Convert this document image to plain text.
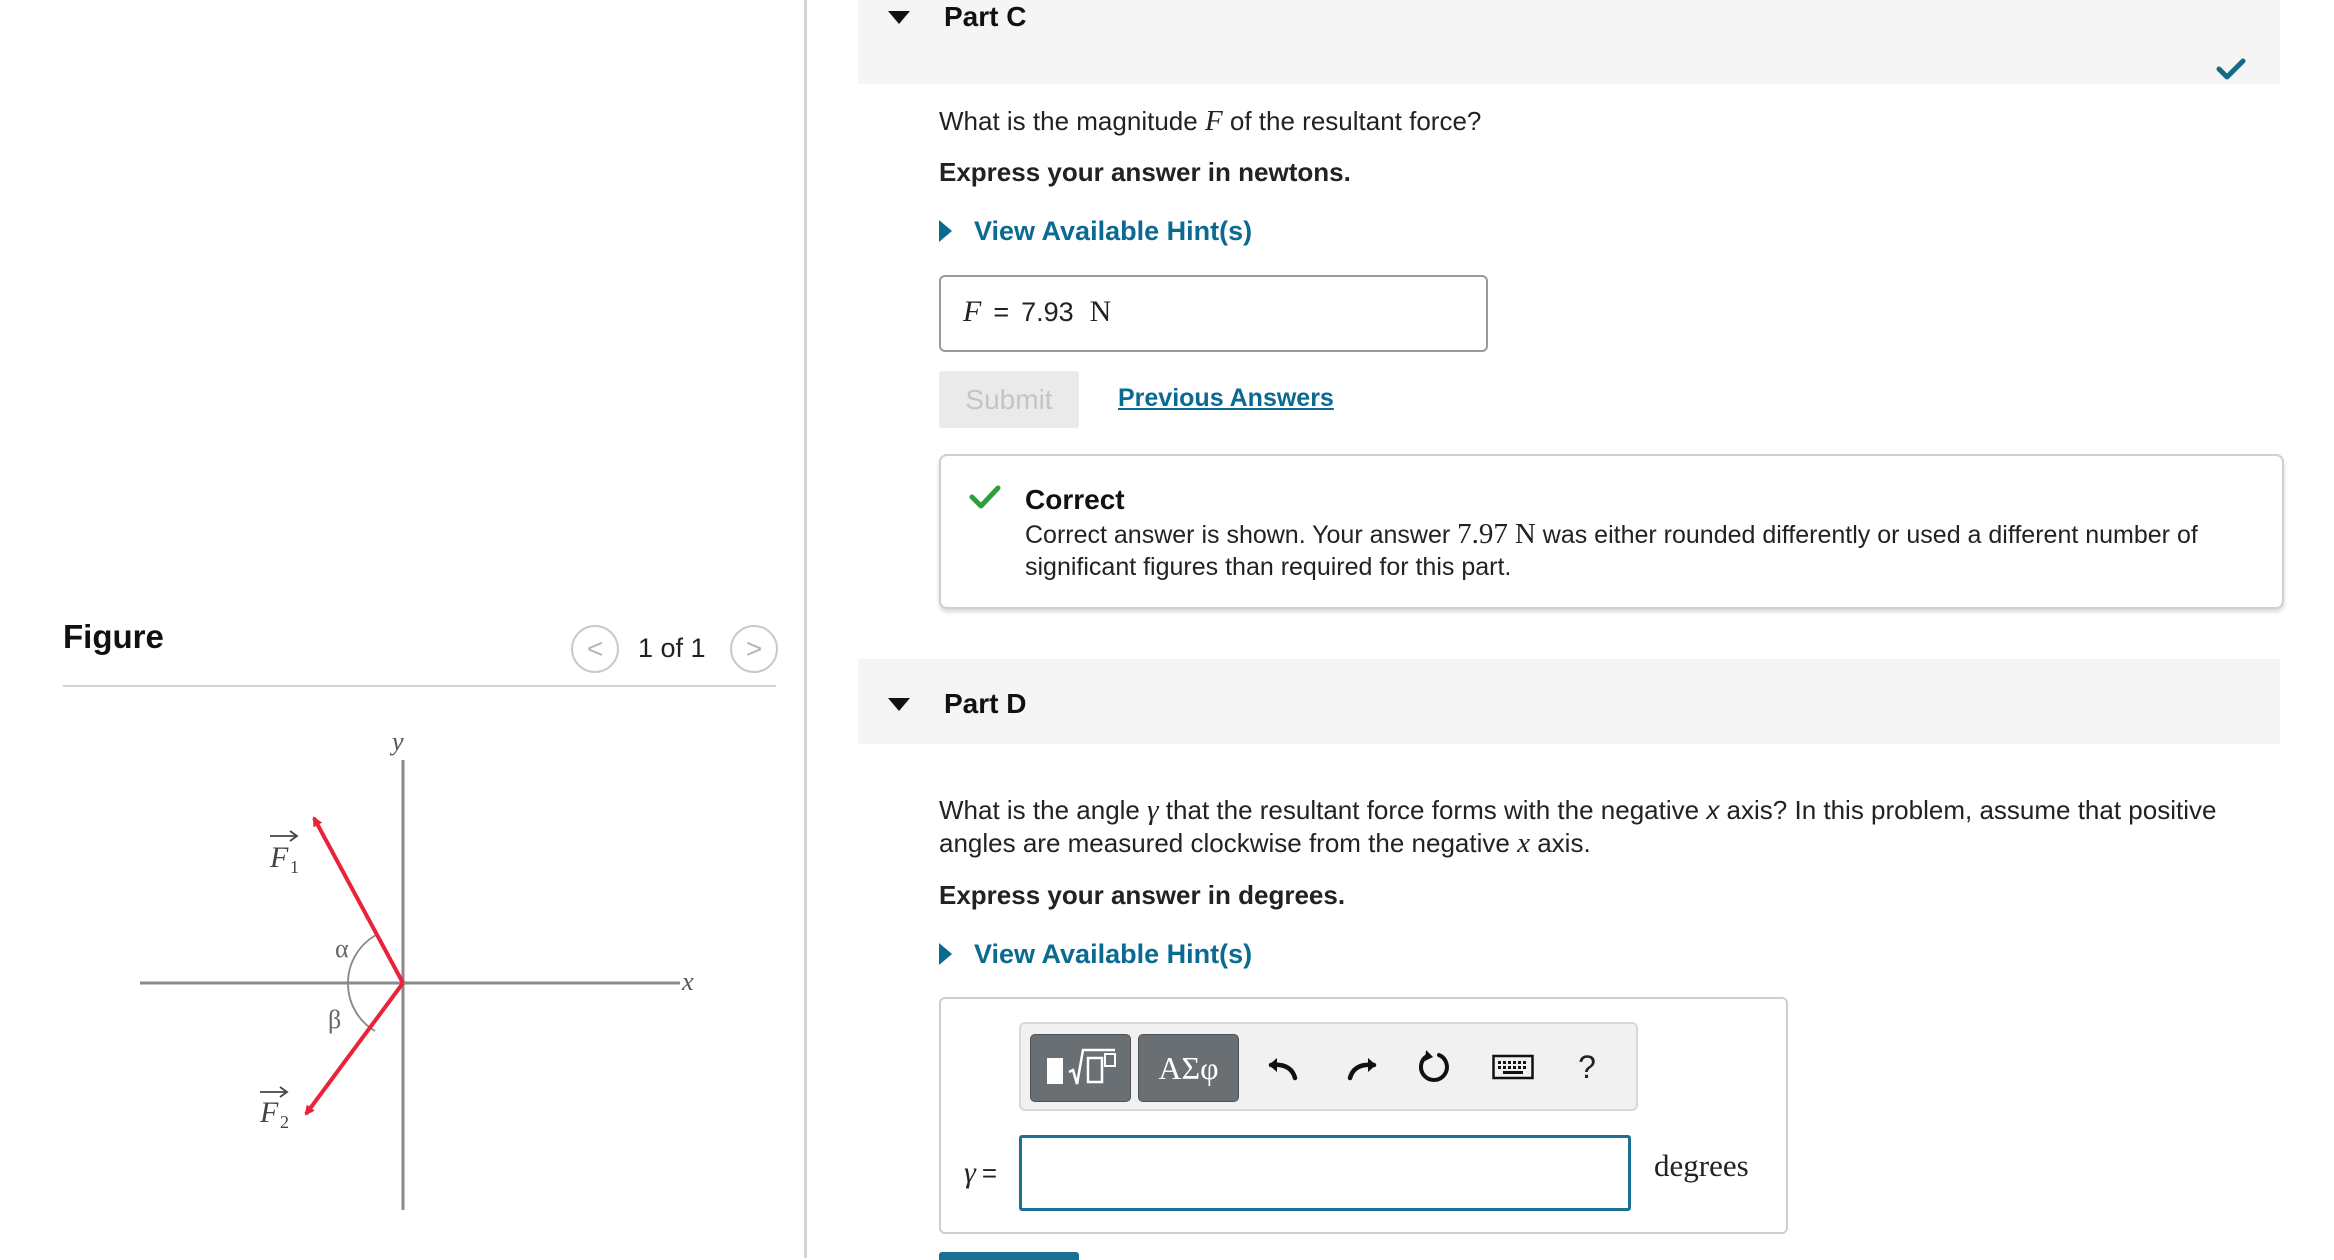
Figure	< 1 of 1 >
y
x
α
β
F 1
F 2
Part C
What is the magnitude F of the resultant force?
Express your answer in newtons.
View Available Hint(s)
F = 7.93 N
Submit	Previous Answers
Correct
Correct answer is shown. Your answer 7.97 N was either rounded differently or used a different number of
significant figures than required for this part.
Part D
What is the angle γ that the resultant force forms with the negative x axis? In this problem, assume that positive
angles are measured clockwise from the negative x axis.
Express your answer in degrees.
View Available Hint(s)
ΑΣφ	?
γ =	degrees
